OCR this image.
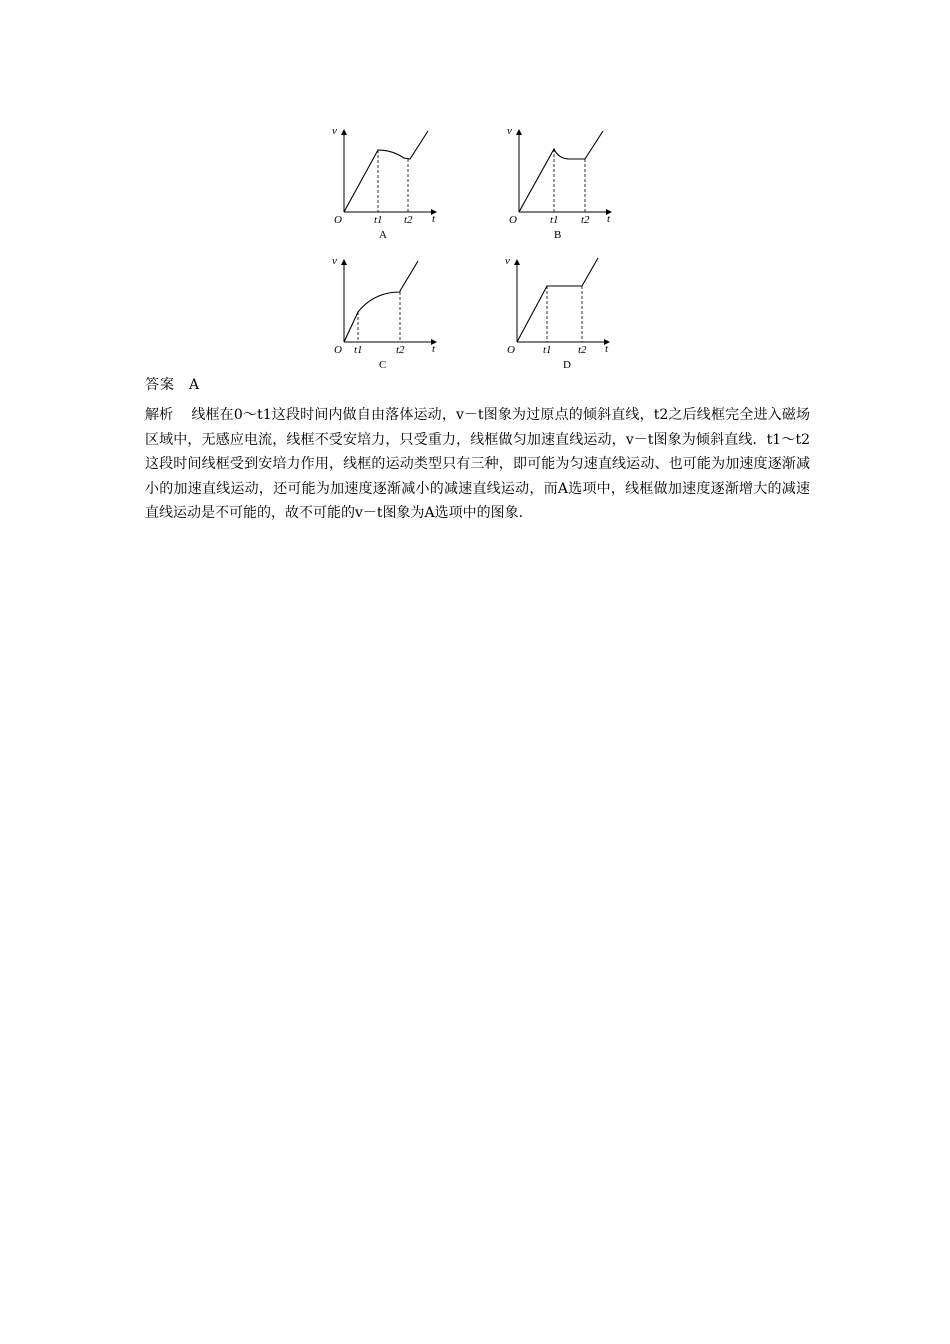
v
t
O	t1 t2
A
v
t
O	t1 t2
B
v
t
O t1	t2
C
v
t
O	t1 t2
D
答案 A
解析 线框在0～t1这段时间内做自由落体运动，v－t图象为过原点的倾斜直线，t2之后线框完全进入磁场区域中，无感应电流，线框不受安培力，只受重力，线框做匀加速直线运动，v－t图象为倾斜直线．t1～t2这段时间线框受到安培力作用，线框的运动类型只有三种，即可能为匀速直线运动、也可能为加速度逐渐减小的加速直线运动，还可能为加速度逐渐减小的减速直线运动，而A选项中，线框做加速度逐渐增大的减速直线运动是不可能的，故不可能的v－t图象为A选项中的图象．
